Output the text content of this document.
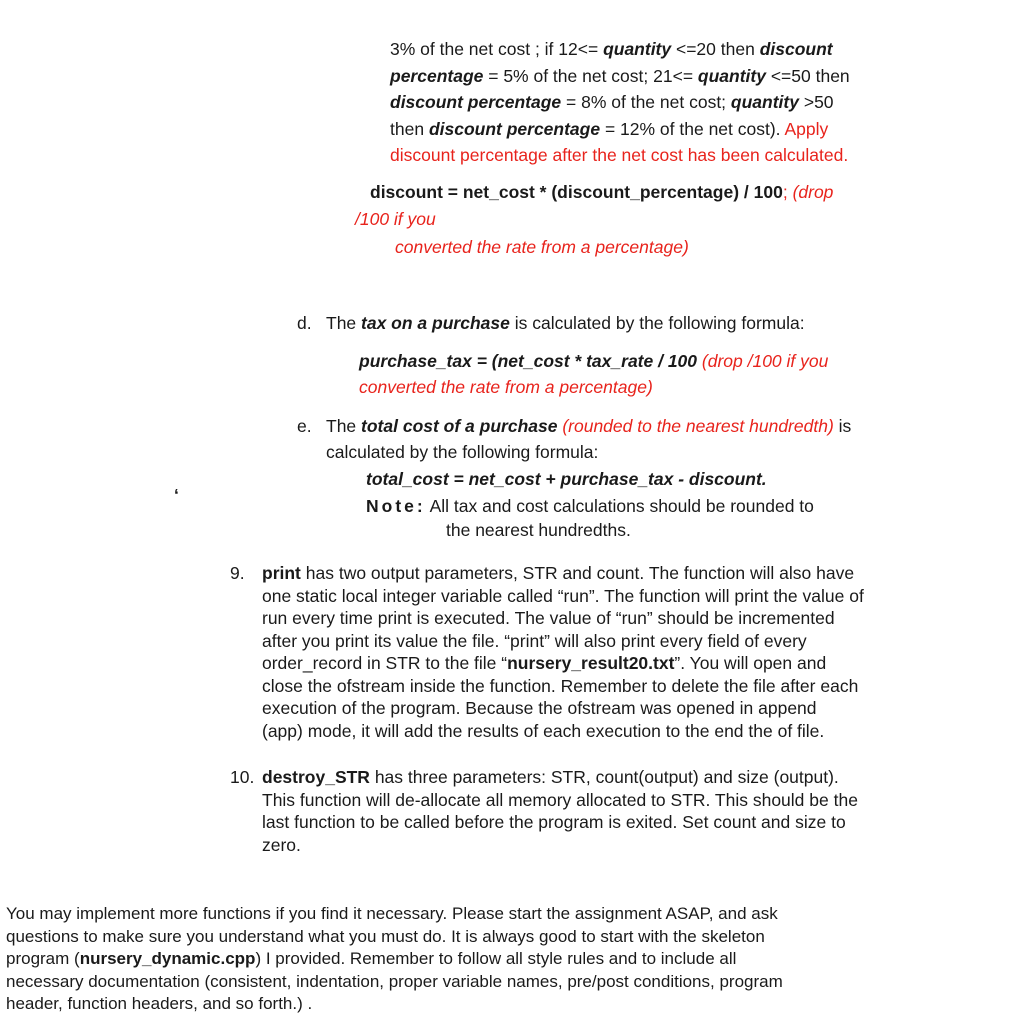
3% of the net cost ; if 12<= quantity <=20 then discount
percentage = 5% of the net cost; 21<= quantity <=50 then
discount percentage = 8% of the net cost; quantity >50
then discount percentage = 12% of the net cost). Apply
discount percentage after the net cost has been calculated.
discount = net_cost * (discount_percentage) / 100; (drop
/100 if you
converted the rate from a percentage)
d. The tax on a purchase is calculated by the following formula:
purchase_tax = (net_cost * tax_rate / 100 (drop /100 if you
converted the rate from a percentage)
e. The total cost of a purchase (rounded to the nearest hundredth) is
calculated by the following formula:
total_cost = net_cost + purchase_tax - discount.
Note: All tax and cost calculations should be rounded to
the nearest hundredths.
‘
9. print has two output parameters, STR and count. The function will also have
one static local integer variable called “run”. The function will print the value of
run every time print is executed. The value of “run” should be incremented
after you print its value the file. “print” will also print every field of every
order_record in STR to the file “nursery_result20.txt”. You will open and
close the ofstream inside the function. Remember to delete the file after each
execution of the program. Because the ofstream was opened in append
(app) mode, it will add the results of each execution to the end the of file.
10. destroy_STR has three parameters: STR, count(output) and size (output).
This function will de-allocate all memory allocated to STR. This should be the
last function to be called before the program is exited. Set count and size to
zero.
You may implement more functions if you find it necessary. Please start the assignment ASAP, and ask
questions to make sure you understand what you must do. It is always good to start with the skeleton
program (nursery_dynamic.cpp) I provided. Remember to follow all style rules and to include all
necessary documentation (consistent, indentation, proper variable names, pre/post conditions, program
header, function headers, and so forth.) .
